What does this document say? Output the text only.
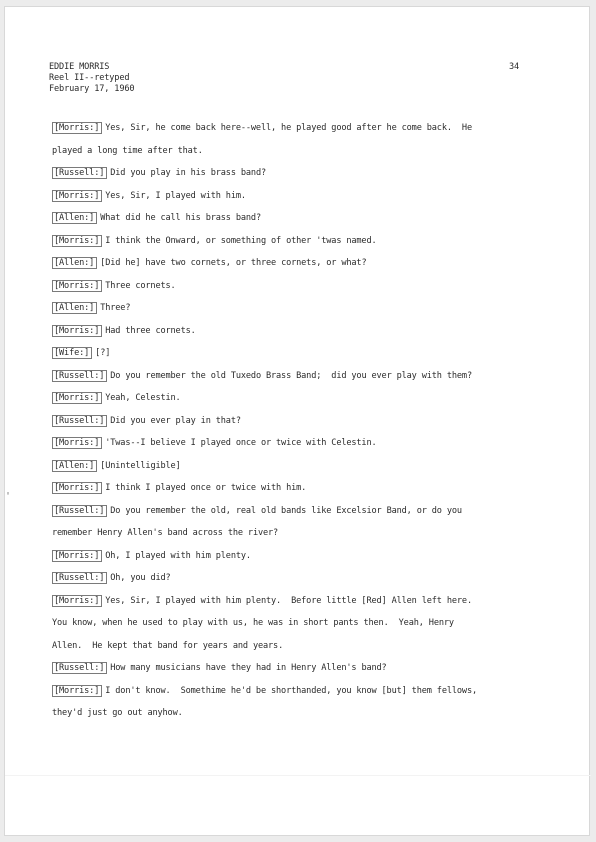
EDDIE MORRIS
Reel II--retyped
February 17, 1960
34
'
[Morris:] Yes, Sir, he come back here--well, he played good after he come back.  He
played a long time after that.
[Russell:] Did you play in his brass band?
[Morris:] Yes, Sir, I played with him.
[Allen:] What did he call his brass band?
[Morris:] I think the Onward, or something of other 'twas named.
[Allen:] [Did he] have two cornets, or three cornets, or what?
[Morris:] Three cornets.
[Allen:] Three?
[Morris:] Had three cornets.
[Wife:] [?]
[Russell:] Do you remember the old Tuxedo Brass Band;  did you ever play with them?
[Morris:] Yeah, Celestin.
[Russell:] Did you ever play in that?
[Morris:] 'Twas--I believe I played once or twice with Celestin.
[Allen:] [Unintelligible]
[Morris:] I think I played once or twice with him.
[Russell:] Do you remember the old, real old bands like Excelsior Band, or do you
remember Henry Allen's band across the river?
[Morris:] Oh, I played with him plenty.
[Russell:] Oh, you did?
[Morris:] Yes, Sir, I played with him plenty.  Before little [Red] Allen left here.
You know, when he used to play with us, he was in short pants then.  Yeah, Henry
Allen.  He kept that band for years and years.
[Russell:] How many musicians have they had in Henry Allen's band?
[Morris:] I don't know.  Somethime he'd be shorthanded, you know [but] them fellows,
they'd just go out anyhow.
